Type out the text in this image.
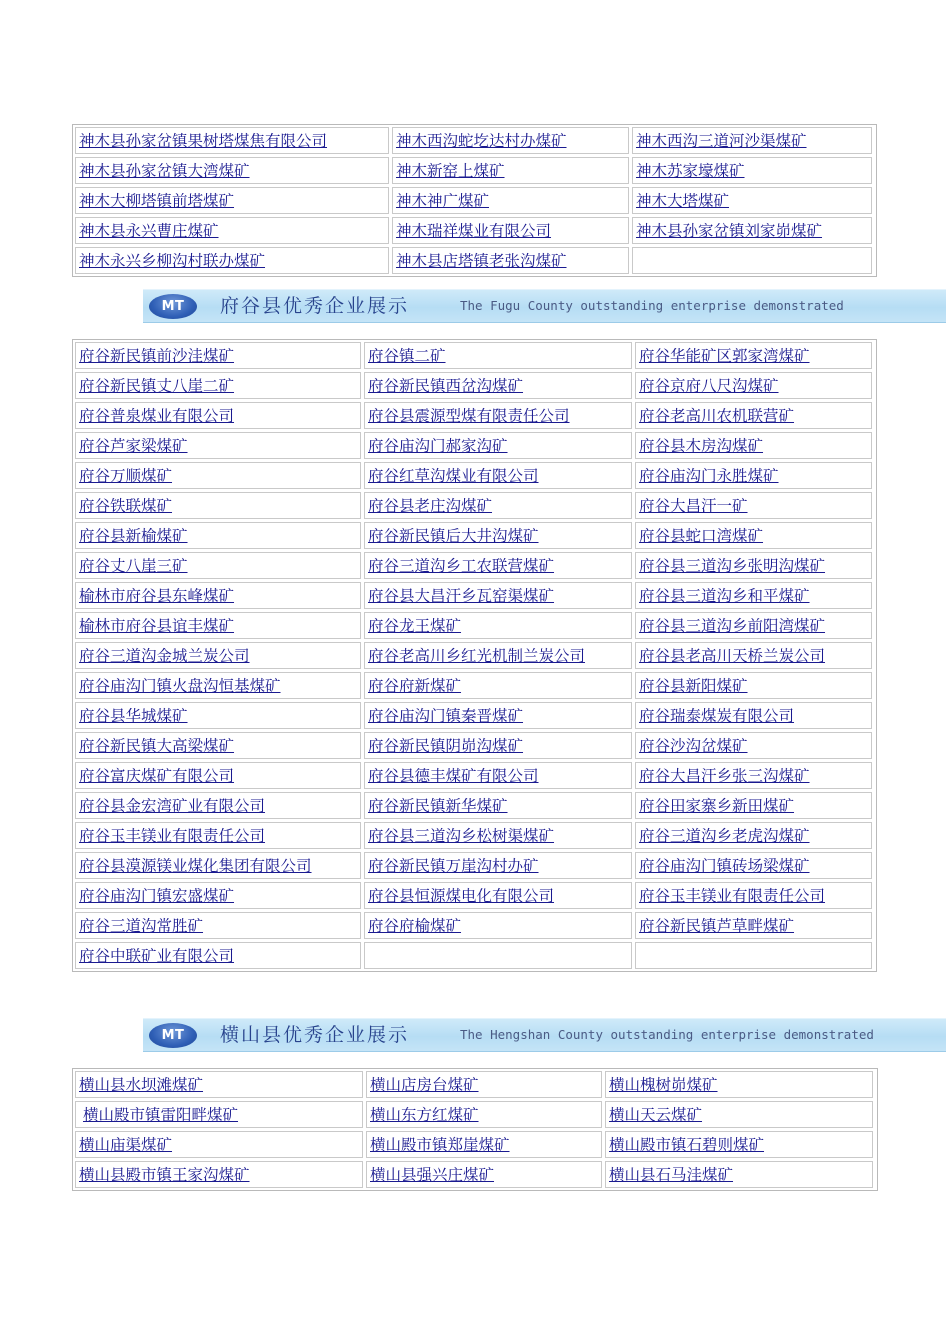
神木县孙家岔镇果树塔煤焦有限公司	神木西沟蛇圪达村办煤矿	神木西沟三道河沙渠煤矿
神木县孙家岔镇大湾煤矿	神木新窑上煤矿	神木苏家壕煤矿
神木大柳塔镇前塔煤矿	神木神广煤矿	神木大塔煤矿
神木县永兴曹庄煤矿	神木瑞祥煤业有限公司	神木县孙家岔镇刘家峁煤矿
神木永兴乡柳沟村联办煤矿	神木县店塔镇老张沟煤矿
MT	府谷县优秀企业展示	The Fugu County outstanding enterprise demonstrated
府谷新民镇前沙洼煤矿	府谷镇二矿	府谷华能矿区郭家湾煤矿
府谷新民镇丈八崖二矿	府谷新民镇西岔沟煤矿	府谷京府八尺沟煤矿
府谷普泉煤业有限公司	府谷县震源型煤有限责任公司	府谷老高川农机联营矿
府谷芦家梁煤矿	府谷庙沟门郝家沟矿	府谷县木房沟煤矿
府谷万顺煤矿	府谷红草沟煤业有限公司	府谷庙沟门永胜煤矿
府谷铁联煤矿	府谷县老庄沟煤矿	府谷大昌汗一矿
府谷县新榆煤矿	府谷新民镇后大井沟煤矿	府谷县蛇口湾煤矿
府谷丈八崖三矿	府谷三道沟乡工农联营煤矿	府谷县三道沟乡张明沟煤矿
榆林市府谷县东峰煤矿	府谷县大昌汗乡瓦窑渠煤矿	府谷县三道沟乡和平煤矿
榆林市府谷县谊丰煤矿	府谷龙王煤矿	府谷县三道沟乡前阳湾煤矿
府谷三道沟金城兰炭公司	府谷老高川乡红光机制兰炭公司	府谷县老高川天桥兰炭公司
府谷庙沟门镇火盘沟恒基煤矿	府谷府新煤矿	府谷县新阳煤矿
府谷县华城煤矿	府谷庙沟门镇秦晋煤矿	府谷瑞泰煤炭有限公司
府谷新民镇大高梁煤矿	府谷新民镇阴峁沟煤矿	府谷沙沟岔煤矿
府谷富庆煤矿有限公司	府谷县德丰煤矿有限公司	府谷大昌汗乡张三沟煤矿
府谷县金宏湾矿业有限公司	府谷新民镇新华煤矿	府谷田家寨乡新田煤矿
府谷玉丰镁业有限责任公司	府谷县三道沟乡松树渠煤矿	府谷三道沟乡老虎沟煤矿
府谷县漠源镁业煤化集团有限公司	府谷新民镇万崖沟村办矿	府谷庙沟门镇砖场梁煤矿
府谷庙沟门镇宏盛煤矿	府谷县恒源煤电化有限公司	府谷玉丰镁业有限责任公司
府谷三道沟常胜矿	府谷府榆煤矿	府谷新民镇芦草畔煤矿
府谷中联矿业有限公司
MT	横山县优秀企业展示	The Hengshan County outstanding enterprise demonstrated
横山县水坝滩煤矿	横山店房台煤矿	横山槐树峁煤矿
横山殿市镇雷阳畔煤矿	横山东方红煤矿	横山天云煤矿
横山庙渠煤矿	横山殿市镇郑崖煤矿	横山殿市镇石碧则煤矿
横山县殿市镇王家沟煤矿	横山县强兴庄煤矿	横山县石马洼煤矿
